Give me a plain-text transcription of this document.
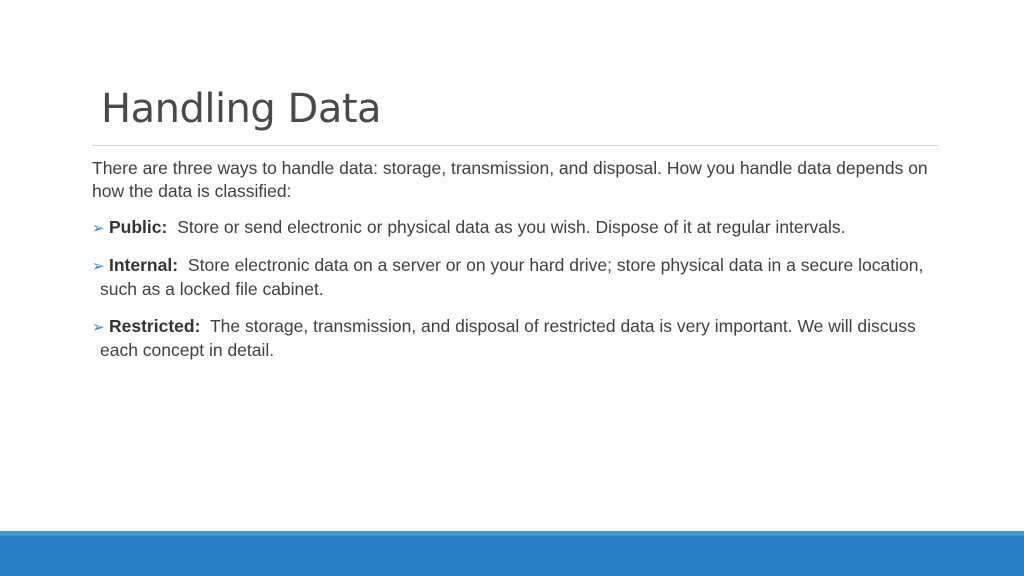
Handling Data

There are three ways to handle data: storage, transmission, and disposal. How you handle data depends on how the data is classified:

➢ Public: Store or send electronic or physical data as you wish. Dispose of it at regular intervals.

➢ Internal: Store electronic data on a server or on your hard drive; store physical data in a secure location, such as a locked file cabinet.

➢ Restricted: The storage, transmission, and disposal of restricted data is very important. We will discuss each concept in detail.
